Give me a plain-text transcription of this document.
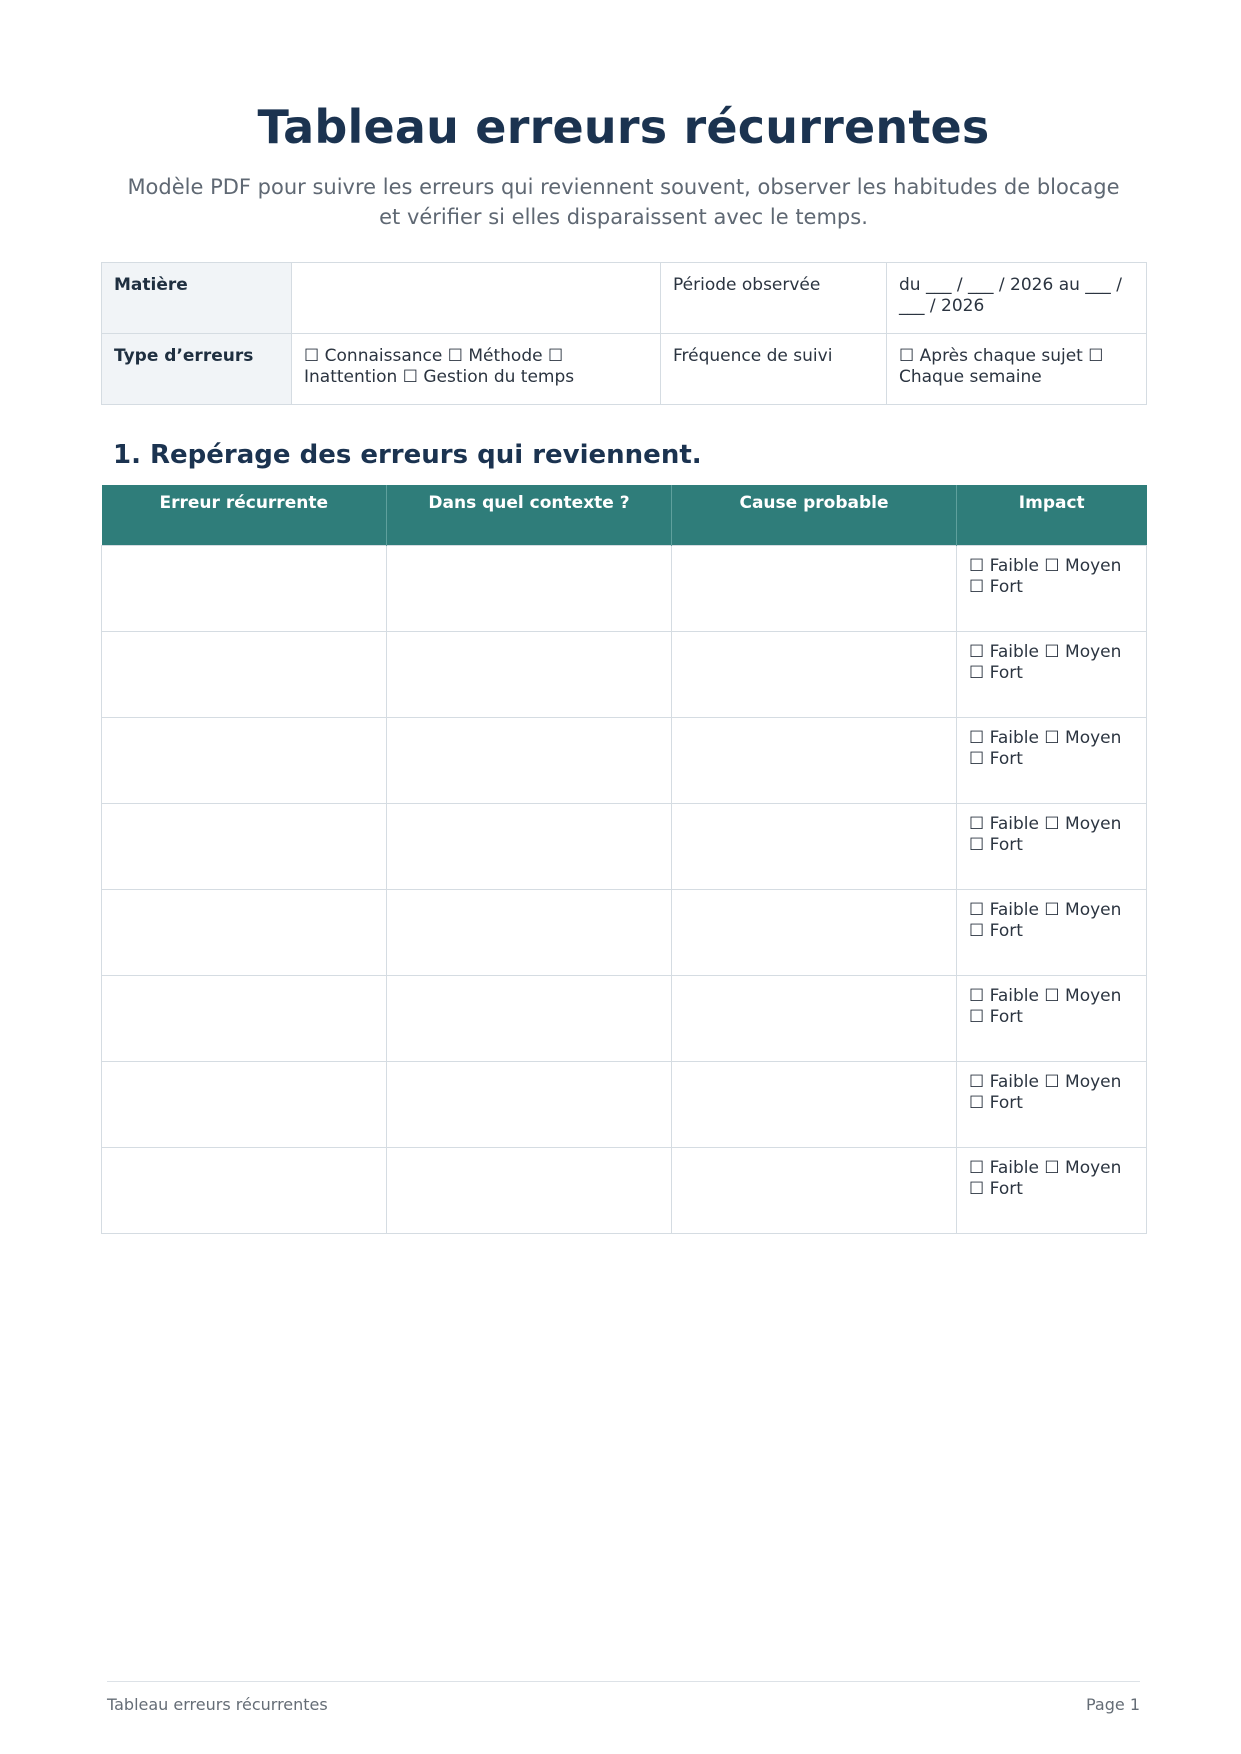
Tableau erreurs récurrentes
Modèle PDF pour suivre les erreurs qui reviennent souvent, observer les habitudes de blocage et vérifier si elles disparaissent avec le temps.
Matière		Période observée	du ___ / ___ / 2026 au ___ / ___ / 2026
Type d’erreurs	☐ Connaissance ☐ Méthode ☐ Inattention ☐ Gestion du temps	Fréquence de suivi	☐ Après chaque sujet ☐ Chaque semaine
1. Repérage des erreurs qui reviennent.
Erreur récurrente	Dans quel contexte ?	Cause probable	Impact
			☐ Faible ☐ Moyen ☐ Fort
			☐ Faible ☐ Moyen ☐ Fort
			☐ Faible ☐ Moyen ☐ Fort
			☐ Faible ☐ Moyen ☐ Fort
			☐ Faible ☐ Moyen ☐ Fort
			☐ Faible ☐ Moyen ☐ Fort
			☐ Faible ☐ Moyen ☐ Fort
			☐ Faible ☐ Moyen ☐ Fort
Tableau erreurs récurrentes	Page 1
